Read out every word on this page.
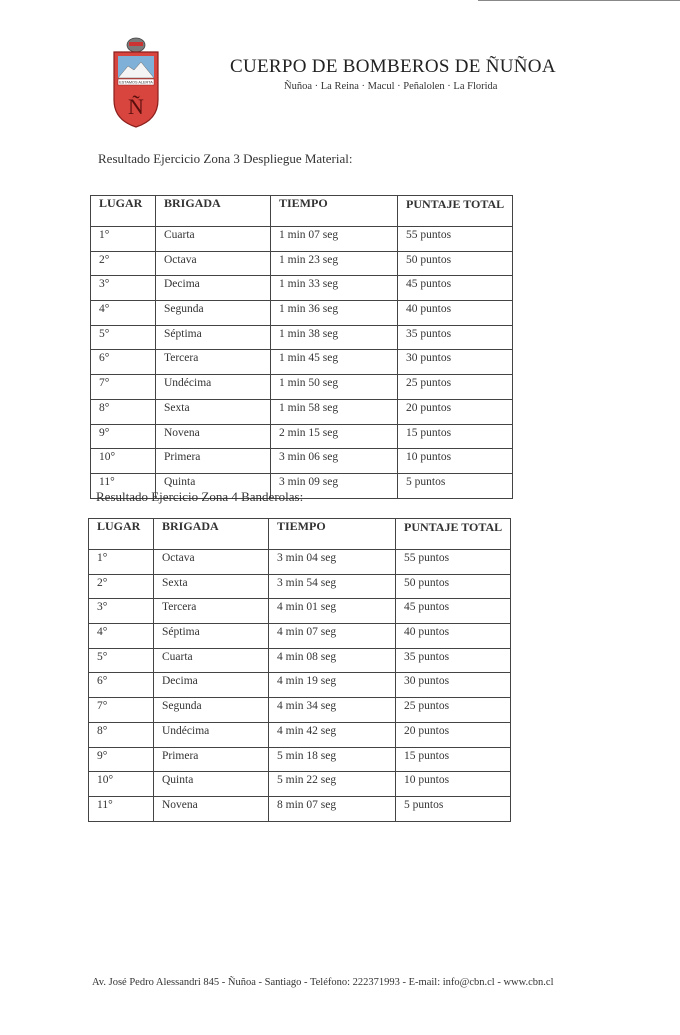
ESTAMOS ALERTA
Ñ
CUERPO DE BOMBEROS DE ÑUÑOA
Ñuñoa · La Reina · Macul · Peñalolen · La Florida
Resultado Ejercicio Zona 3 Despliegue Material:
LUGAR	BRIGADA	TIEMPO	PUNTAJE TOTAL
1°	Cuarta	1 min 07 seg	55 puntos
2°	Octava	1 min 23 seg	50 puntos
3°	Decima	1 min 33 seg	45 puntos
4°	Segunda	1 min 36 seg	40 puntos
5°	Séptima	1 min 38 seg	35 puntos
6°	Tercera	1 min 45 seg	30 puntos
7°	Undécima	1 min 50 seg	25 puntos
8°	Sexta	1 min 58 seg	20 puntos
9°	Novena	2 min 15 seg	15 puntos
10°	Primera	3 min 06 seg	10 puntos
11°	Quinta	3 min 09 seg	5 puntos
Resultado Ejercicio Zona 4 Banderolas:
LUGAR	BRIGADA	TIEMPO	PUNTAJE TOTAL
1°	Octava	3 min 04 seg	55 puntos
2°	Sexta	3 min 54 seg	50 puntos
3°	Tercera	4 min 01 seg	45 puntos
4°	Séptima	4 min 07 seg	40 puntos
5°	Cuarta	4 min 08 seg	35 puntos
6°	Decima	4 min 19 seg	30 puntos
7°	Segunda	4 min 34 seg	25 puntos
8°	Undécima	4 min 42 seg	20 puntos
9°	Primera	5 min 18 seg	15 puntos
10°	Quinta	5 min 22 seg	10 puntos
11°	Novena	8 min 07 seg	5 puntos
Av. José Pedro Alessandri 845 - Ñuñoa - Santiago - Teléfono: 222371993 - E-mail: info@cbn.cl - www.cbn.cl
